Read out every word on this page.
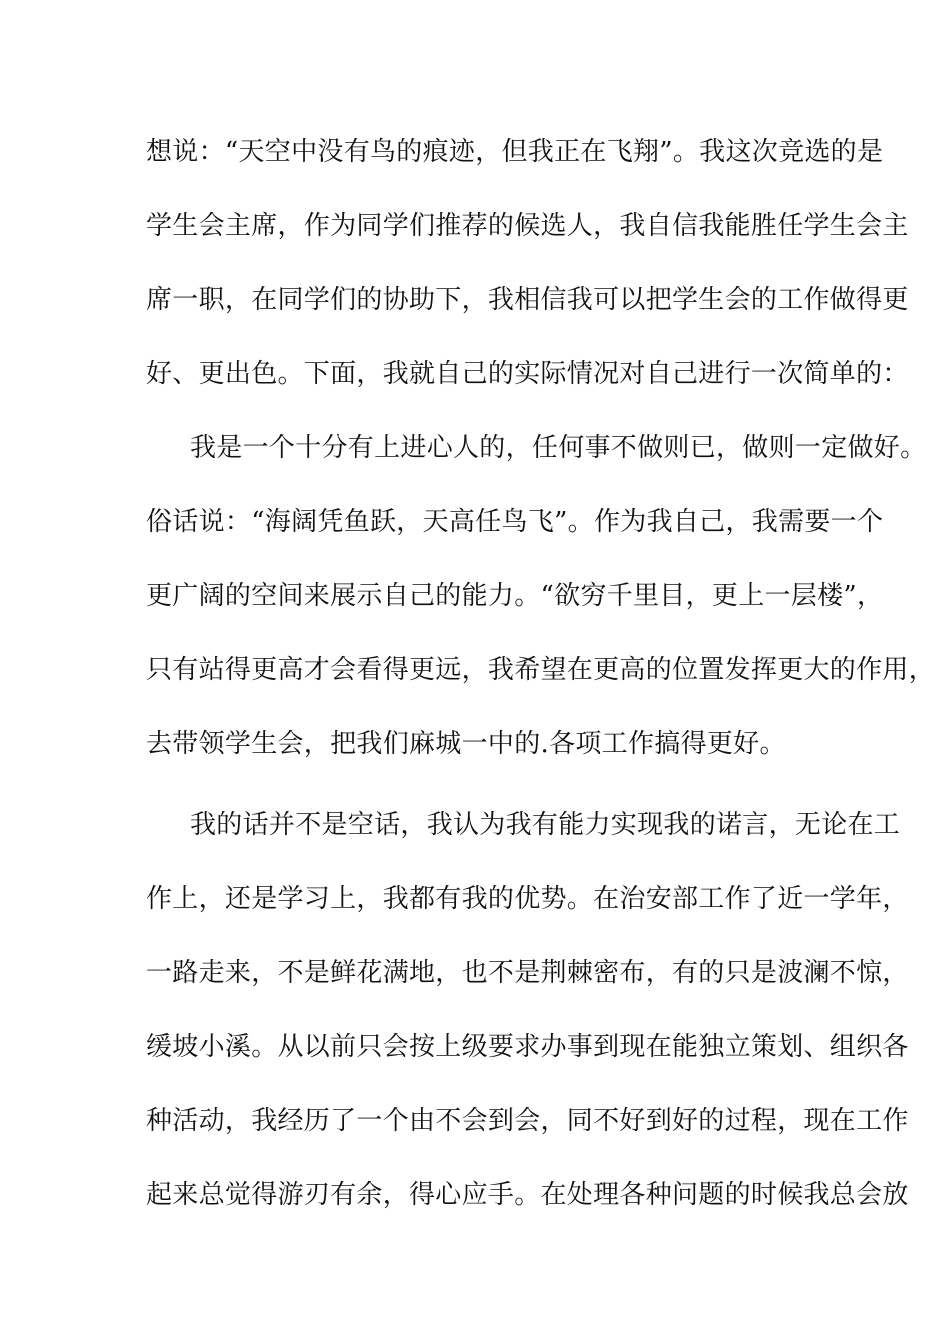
想说：“天空中没有鸟的痕迹，但我正在飞翔”。我这次竞选的是
学生会主席，作为同学们推荐的候选人，我自信我能胜任学生会主
席一职，在同学们的协助下，我相信我可以把学生会的工作做得更
好、更出色。下面，我就自己的实际情况对自己进行一次简单的：
我是一个十分有上进心人的，任何事不做则已，做则一定做好。
俗话说：“海阔凭鱼跃，天高任鸟飞”。作为我自己，我需要一个
更广阔的空间来展示自己的能力。“欲穷千里目，更上一层楼”，
只有站得更高才会看得更远，我希望在更高的位置发挥更大的作用，
去带领学生会，把我们麻城一中的.各项工作搞得更好。
我的话并不是空话，我认为我有能力实现我的诺言，无论在工
作上，还是学习上，我都有我的优势。在治安部工作了近一学年，
一路走来，不是鲜花满地，也不是荆棘密布，有的只是波澜不惊，
缓坡小溪。从以前只会按上级要求办事到现在能独立策划、组织各
种活动，我经历了一个由不会到会，同不好到好的过程，现在工作
起来总觉得游刃有余，得心应手。在处理各种问题的时候我总会放
